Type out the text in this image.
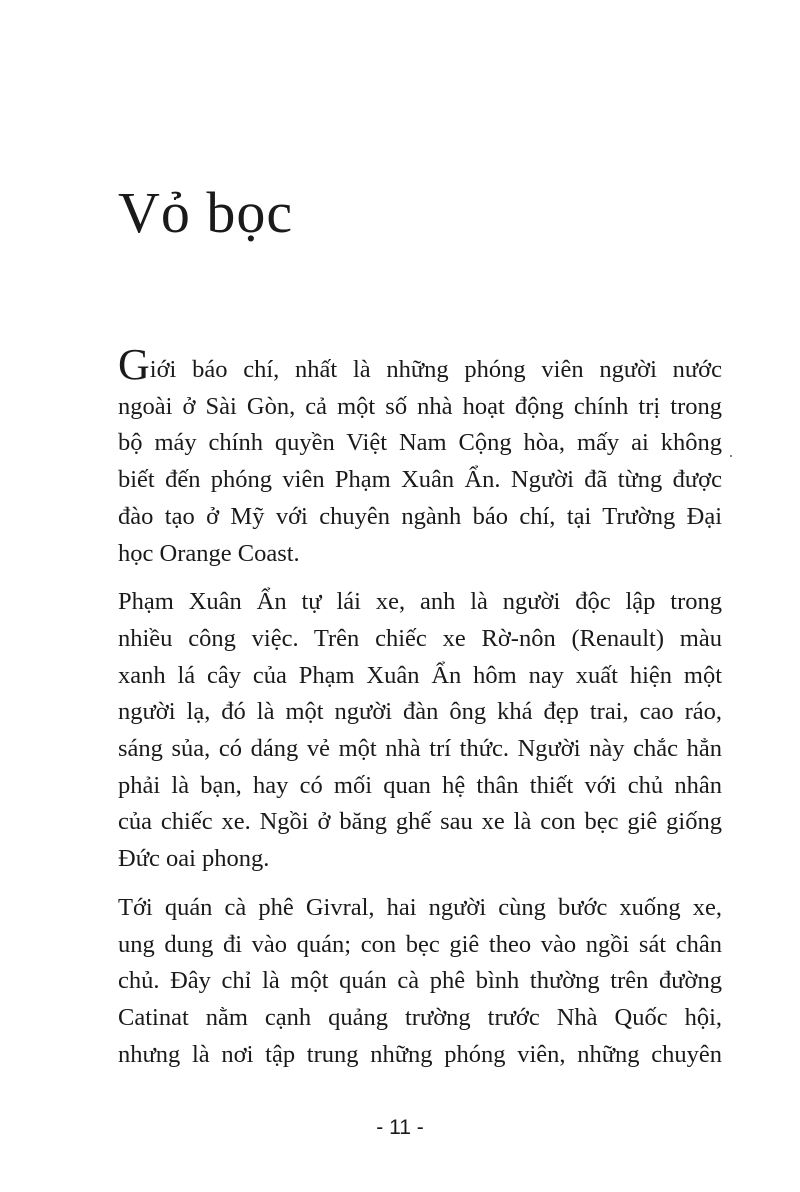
Vỏ bọc

Giới báo chí, nhất là những phóng viên người nước
ngoài ở Sài Gòn, cả một số nhà hoạt động chính trị trong
bộ máy chính quyền Việt Nam Cộng hòa, mấy ai không
biết đến phóng viên Phạm Xuân Ẩn. Người đã từng được
đào tạo ở Mỹ với chuyên ngành báo chí, tại Trường Đại
học Orange Coast.

Phạm Xuân Ẩn tự lái xe, anh là người độc lập trong
nhiều công việc. Trên chiếc xe Rờ-nôn (Renault) màu
xanh lá cây của Phạm Xuân Ẩn hôm nay xuất hiện một
người lạ, đó là một người đàn ông khá đẹp trai, cao ráo,
sáng sủa, có dáng vẻ một nhà trí thức. Người này chắc hẳn
phải là bạn, hay có mối quan hệ thân thiết với chủ nhân
của chiếc xe. Ngồi ở băng ghế sau xe là con bẹc giê giống
Đức oai phong.

Tới quán cà phê Givral, hai người cùng bước xuống xe,
ung dung đi vào quán; con bẹc giê theo vào ngồi sát chân
chủ. Đây chỉ là một quán cà phê bình thường trên đường
Catinat nằm cạnh quảng trường trước Nhà Quốc hội,
nhưng là nơi tập trung những phóng viên, những chuyên

- 11 -
